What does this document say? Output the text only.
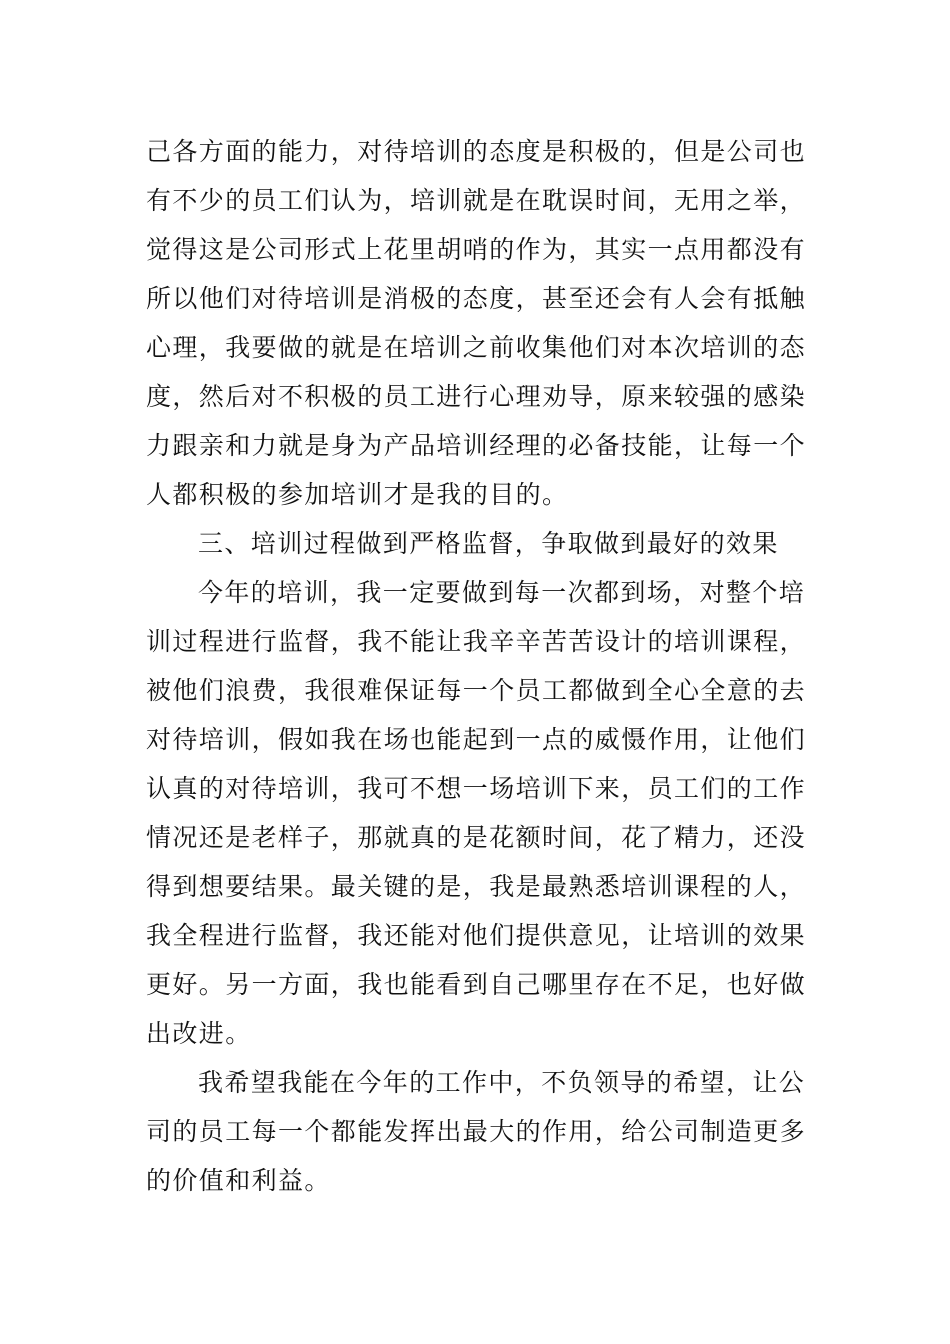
己各方面的能力，对待培训的态度是积极的，但是公司也
有不少的员工们认为，培训就是在耽误时间，无用之举，
觉得这是公司形式上花里胡哨的作为，其实一点用都没有
所以他们对待培训是消极的态度，甚至还会有人会有抵触
心理，我要做的就是在培训之前收集他们对本次培训的态
度，然后对不积极的员工进行心理劝导，原来较强的感染
力跟亲和力就是身为产品培训经理的必备技能，让每一个
人都积极的参加培训才是我的目的。
三、培训过程做到严格监督，争取做到最好的效果
今年的培训，我一定要做到每一次都到场，对整个培
训过程进行监督，我不能让我辛辛苦苦设计的培训课程，
被他们浪费，我很难保证每一个员工都做到全心全意的去
对待培训，假如我在场也能起到一点的威慑作用，让他们
认真的对待培训，我可不想一场培训下来，员工们的工作
情况还是老样子，那就真的是花额时间，花了精力，还没
得到想要结果。最关键的是，我是最熟悉培训课程的人，
我全程进行监督，我还能对他们提供意见，让培训的效果
更好。另一方面，我也能看到自己哪里存在不足，也好做
出改进。
我希望我能在今年的工作中，不负领导的希望，让公
司的员工每一个都能发挥出最大的作用，给公司制造更多
的价值和利益。
